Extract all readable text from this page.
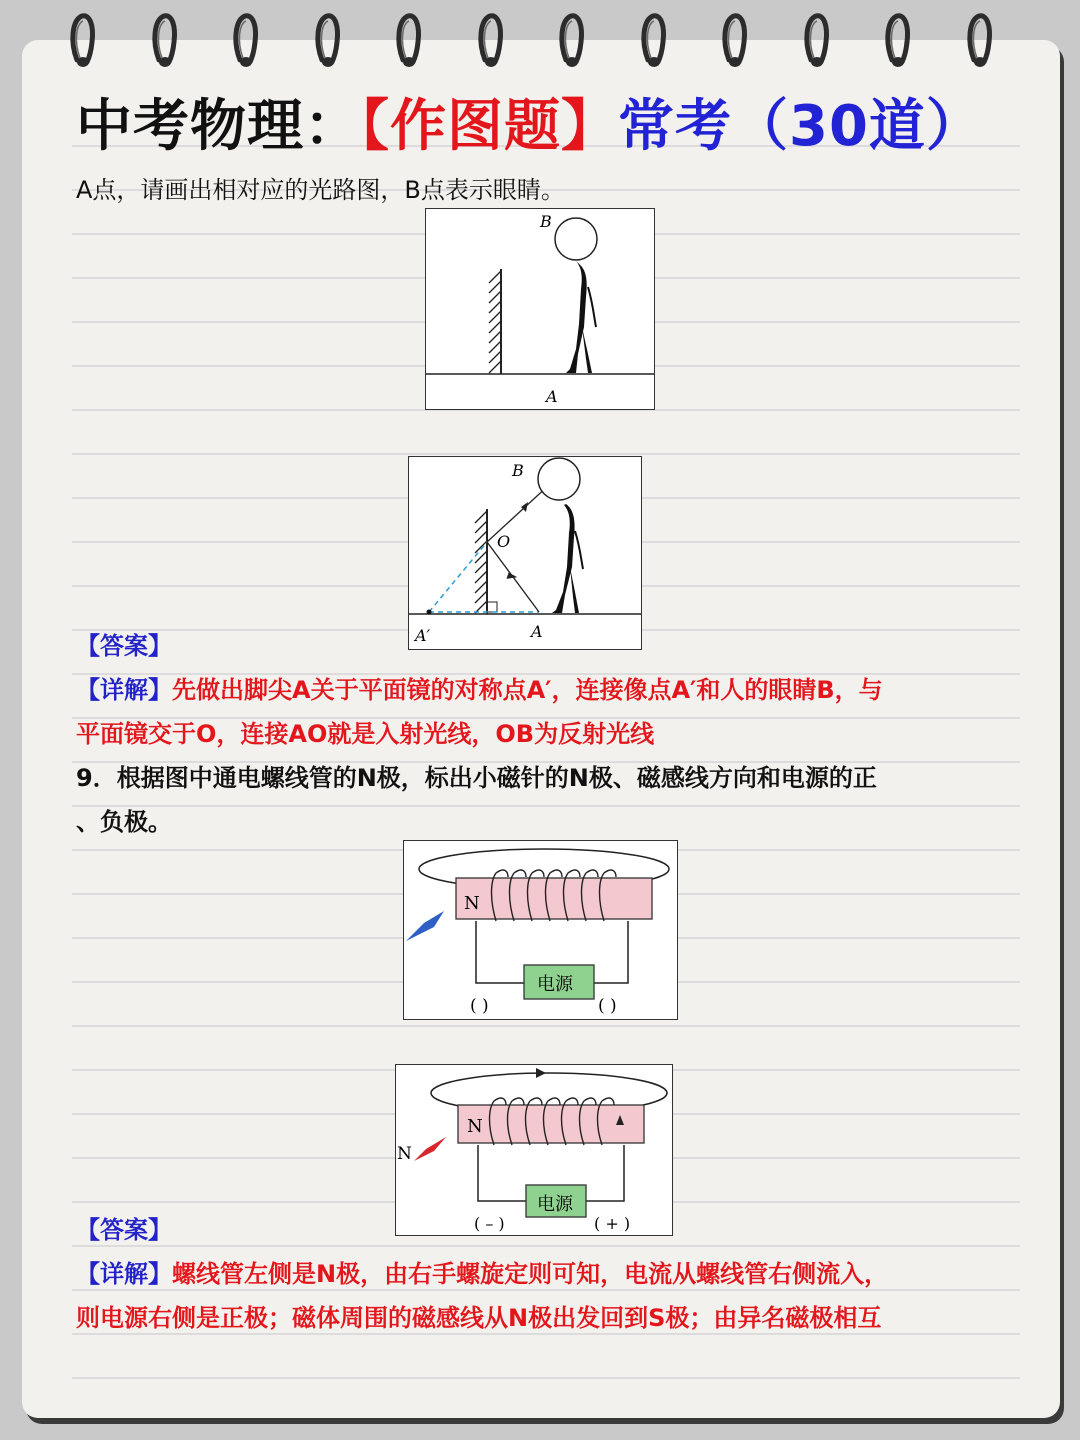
中考物理：【作图题】常考（30道）
A点，请画出相对应的光路图，B点表示眼睛。
B
A
B
O
A′	A
【答案】
【详解】先做出脚尖A关于平面镜的对称点A′，连接像点A′和人的眼睛B，与
平面镜交于O，连接AO就是入射光线，OB为反射光线
9．根据图中通电螺线管的N极，标出小磁针的N极、磁感线方向和电源的正
、负极。
N
电源
( )	( )
N
N
电源
( – )	( + )
【答案】
【详解】螺线管左侧是N极，由右手螺旋定则可知，电流从螺线管右侧流入，
则电源右侧是正极；磁体周围的磁感线从N极出发回到S极；由异名磁极相互
